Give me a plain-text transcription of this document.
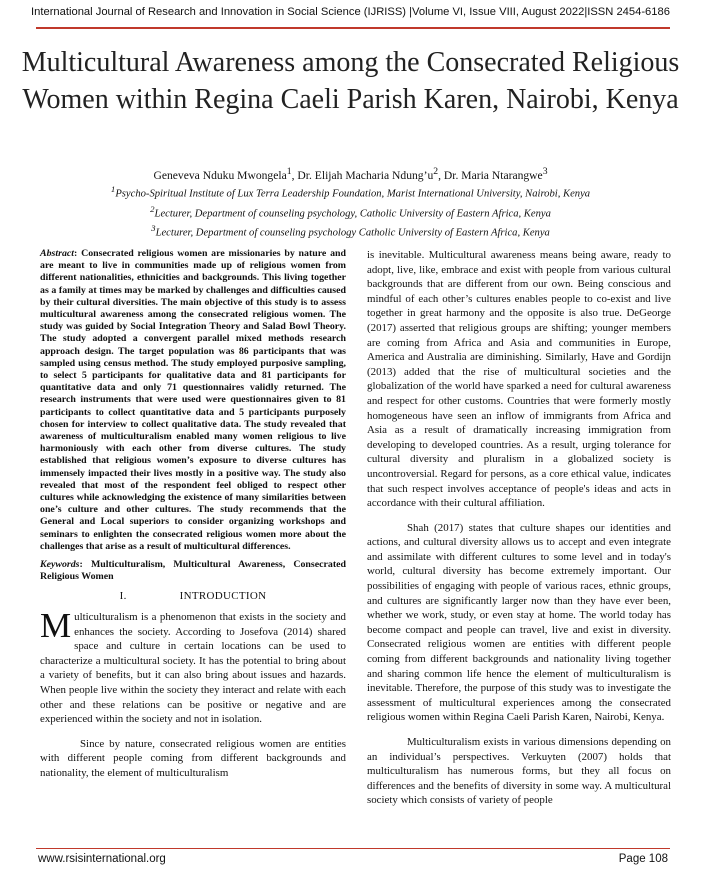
International Journal of Research and Innovation in Social Science (IJRISS) |Volume VI, Issue VIII, August 2022|ISSN 2454-6186
Multicultural Awareness among the Consecrated Religious Women within Regina Caeli Parish Karen, Nairobi, Kenya
Geneveva Nduku Mwongela$^1$, Dr. Elijah Macharia $Ndung’u^2$, Dr. Maria Ntarangwe$^3$
$^1$Psycho-Spiritual Institute of Lux Terra Leadership Foundation, Marist International University, Nairobi, Kenya
$^2$Lecturer, Department of counseling psychology, Catholic University of Eastern Africa, Kenya
$^3$Lecturer, Department of counseling psychology Catholic University of Eastern Africa, Kenya
Abstract: Consecrated religious women are missionaries by nature and are meant to live in communities made up of religious women from different nationalities, ethnicities and backgrounds. This living together as a family at times may be marked by challenges and difficulties caused by their cultural diversities. The main objective of this study is to assess multicultural awareness among the consecrated religious women. The study was guided by Social Integration Theory and Salad Bowl Theory. The study adopted a convergent parallel mixed methods research approach design. The target population was 86 participants that was sampled using census method. The study employed purposive sampling, to select 5 participants for qualitative data and 81 participants for quantitative data and only 71 questionnaires validly returned. The research instruments that were used were questionnaires given to 81 participants to collect quantitative data and 5 participants purposely chosen for interview to collect qualitative data. The study revealed that awareness of multiculturalism enabled many women religious to live harmoniously with each other from diverse cultures. The study established that religious women’s exposure to diverse cultures has immensely impacted their lives mostly in a positive way. The study also revealed that most of the respondent feel obliged to respect other cultures while acknowledging the existence of many similarities between one’s culture and other cultures. The study recommends that the General and Local superiors to consider organizing workshops and seminars to enlighten the consecrated religious women more about the challenges that arise as a result of multicultural differences.
Keywords: Multiculturalism, Multicultural Awareness, Consecrated Religious Women
I.	INTRODUCTION

Multiculturalism is a phenomenon that exists in the society and enhances the society. According to Josefova (2014) shared space and culture in certain locations can be used to characterize a multicultural society. It has the potential to bring about a variety of benefits, but it can also bring about issues and hazards. When people live within the society they interact and relate with each other and these relations can be positive or negative and are experienced within the society and not in isolation.

Since by nature, consecrated religious women are entities with different people coming from different backgrounds and nationality, the element of multiculturalism

is inevitable. Multicultural awareness means being aware, ready to adopt, live, like, embrace and exist with people from various cultural backgrounds that are different from our own. Being conscious and mindful of each other’s cultures enables people to co-exist and live together in great harmony and the opposite is also true. DeGeorge (2017) asserted that religious groups are shifting; younger members are coming from Africa and Asia and communities in Europe, America and Australia are diminishing. Similarly, Have and Gordijn (2013) added that the rise of multicultural societies and the globalization of the world have sparked a need for cultural awareness and respect for other customs. Countries that were formerly mostly homogeneous have seen an inflow of immigrants from Africa and Asia as a result of dramatically increasing immigration from developing to developed countries. As a result, urging tolerance for cultural diversity and pluralism in a globalized society is uncontroversial. Regard for persons, as a core ethical value, indicates that such respect involves acceptance of people's ideas and acts in accordance with their cultural affiliation.

Shah (2017) states that culture shapes our identities and actions, and cultural diversity allows us to accept and even integrate and assimilate with different cultures to some level and in today's world, cultural diversity has become extremely important. Our possibilities of engaging with people of various races, ethnic groups, and cultures are significantly larger now than they have ever been, whether we work, study, or even stay at home. The world today has become compact and people can travel, live and exist in diversity. Consecrated religious women are entities with different people coming from different backgrounds and nationality living together and sharing common life hence the element of multiculturalism is inevitable. Therefore, the purpose of this study was to investigate the assessment of multicultural experiences among the consecrated religious women within Regina Caeli Parish Karen, Nairobi, Kenya.

Multiculturalism exists in various dimensions depending on an individual’s perspectives. Verkuyten (2007) holds that multiculturalism has numerous forms, but they all focus on differences and the benefits of diversity in some way. A multicultural society which consists of variety of people

www.rsisinternational.org	Page 108
